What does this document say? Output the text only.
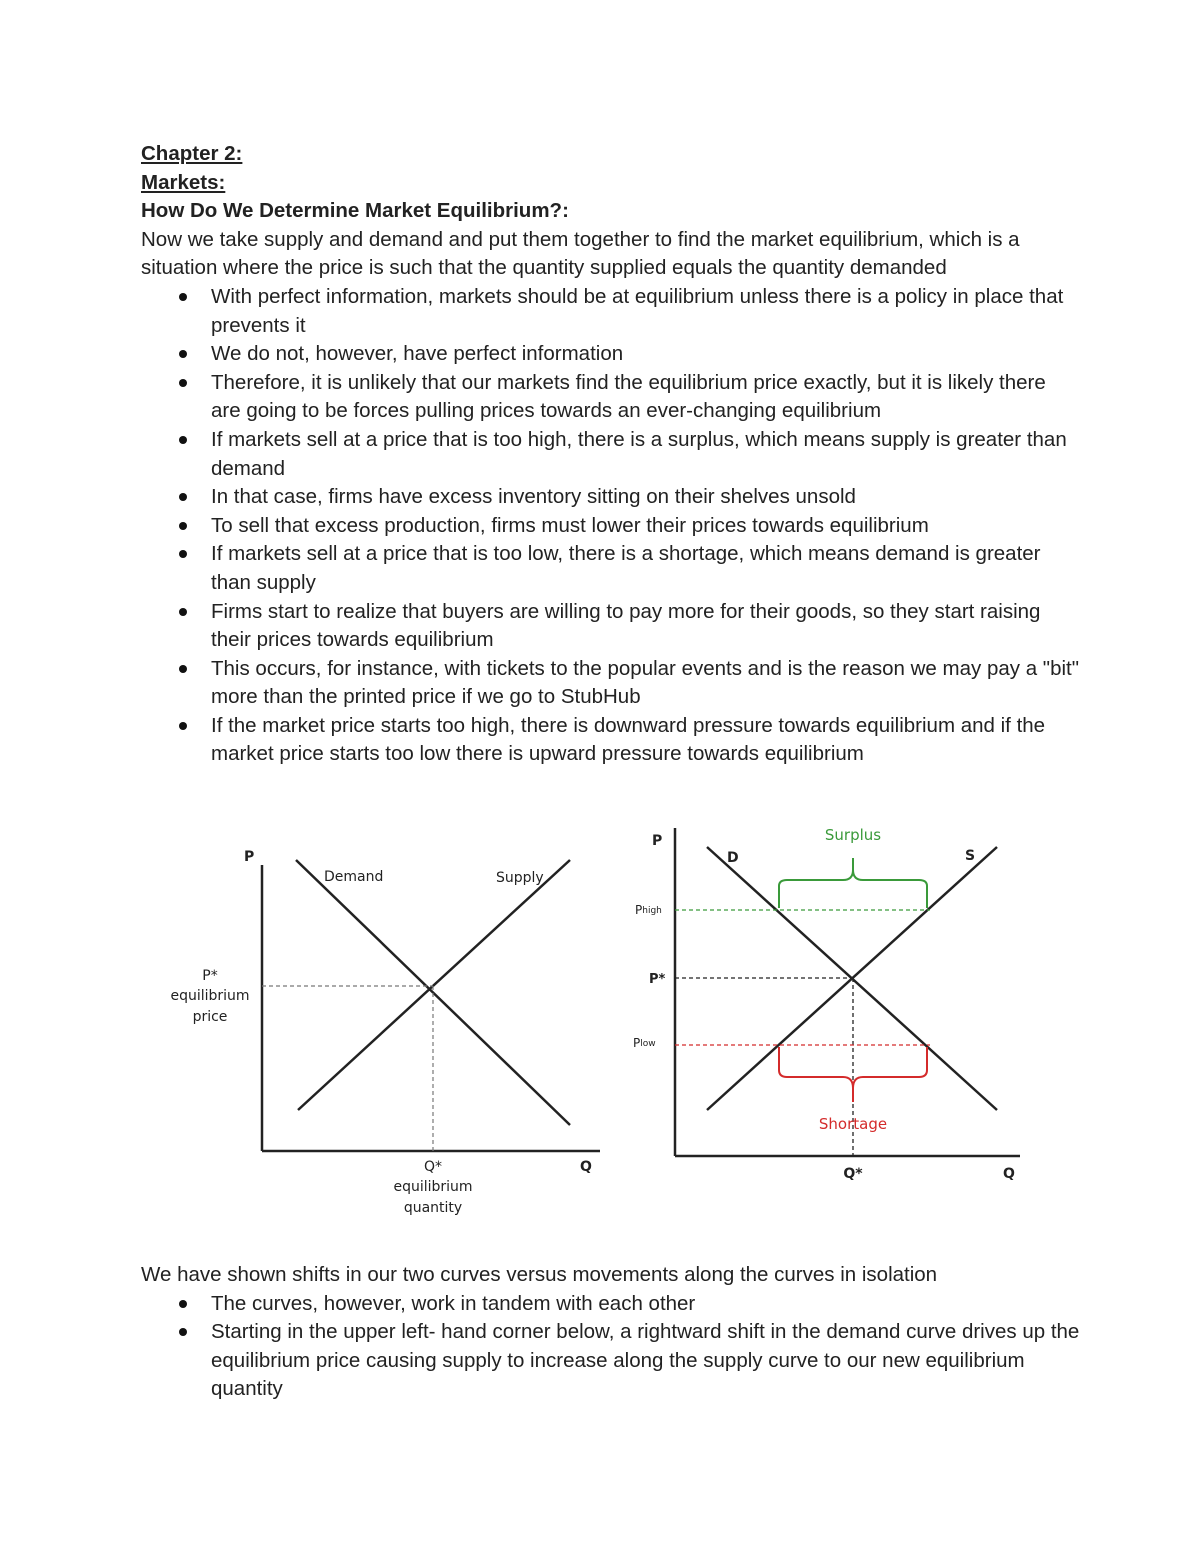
Chapter 2:

Markets:

How Do We Determine Market Equilibrium?:

Now we take supply and demand and put them together to find the market equilibrium, which is a situation where the price is such that the quantity supplied equals the quantity demanded

With perfect information, markets should be at equilibrium unless there is a policy in place that prevents it
We do not, however, have perfect information
Therefore, it is unlikely that our markets find the equilibrium price exactly, but it is likely there are going to be forces pulling prices towards an ever-changing equilibrium
If markets sell at a price that is too high, there is a surplus, which means supply is greater than demand
In that case, firms have excess inventory sitting on their shelves unsold
To sell that excess production, firms must lower their prices towards equilibrium
If markets sell at a price that is too low, there is a shortage, which means demand is greater than supply
Firms start to realize that buyers are willing to pay more for their goods, so they start raising their prices towards equilibrium
This occurs, for instance, with tickets to the popular events and is the reason we may pay a "bit" more than the printed price if we go to StubHub
If the market price starts too high, there is downward pressure towards equilibrium and if the market price starts too low there is upward pressure towards equilibrium
P
Q
Demand	Supply
P*
equilibrium
price
Q*
equilibrium
quantity
P
Q
D	S
Phigh
P*
Plow
Q*
Surplus
Shortage

We have shown shifts in our two curves versus movements along the curves in isolation

The curves, however, work in tandem with each other
Starting in the upper left- hand corner below, a rightward shift in the demand curve drives up the equilibrium price causing supply to increase along the supply curve to our new equilibrium quantity
